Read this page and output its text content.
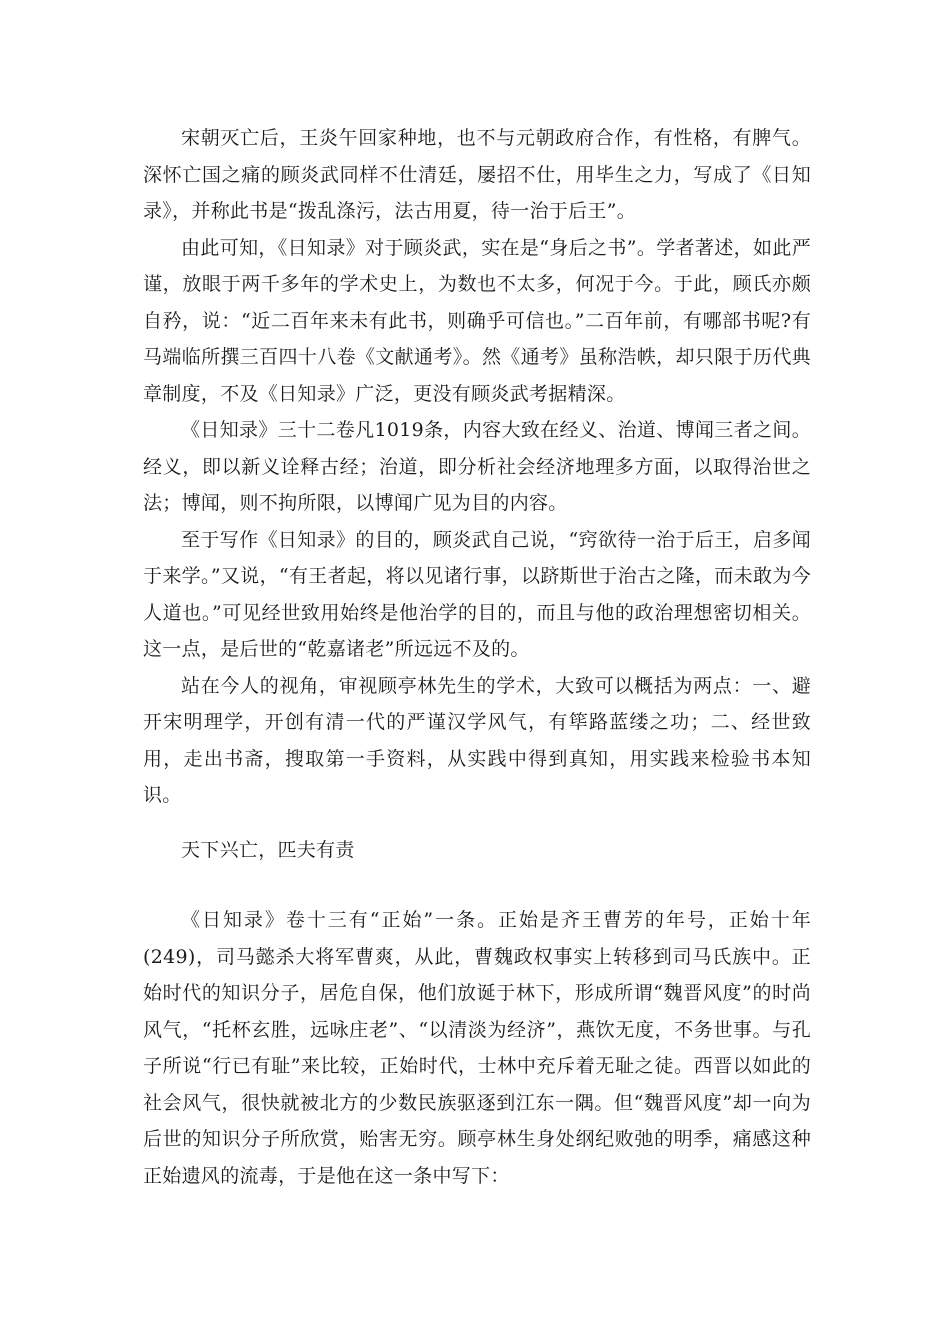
宋朝灭亡后，王炎午回家种地，也不与元朝政府合作，有性格，有脾气。深怀亡国之痛的顾炎武同样不仕清廷，屡招不仕，用毕生之力，写成了《日知录》，并称此书是“拨乱涤污，法古用夏，待一治于后王”。

由此可知，《日知录》对于顾炎武，实在是“身后之书”。学者著述，如此严谨，放眼于两千多年的学术史上，为数也不太多，何况于今。于此，顾氏亦颇自矜，说：“近二百年来未有此书，则确乎可信也。”二百年前，有哪部书呢?有马端临所撰三百四十八卷《文献通考》。然《通考》虽称浩帙，却只限于历代典章制度，不及《日知录》广泛，更没有顾炎武考据精深。

《日知录》三十二卷凡1019条，内容大致在经义、治道、博闻三者之间。经义，即以新义诠释古经；治道，即分析社会经济地理多方面，以取得治世之法；博闻，则不拘所限，以博闻广见为目的内容。

至于写作《日知录》的目的，顾炎武自己说，“窍欲待一治于后王，启多闻于来学。”又说，“有王者起，将以见诸行事，以跻斯世于治古之隆，而未敢为今人道也。”可见经世致用始终是他治学的目的，而且与他的政治理想密切相关。这一点，是后世的“乾嘉诸老”所远远不及的。

站在今人的视角，审视顾亭林先生的学术，大致可以概括为两点：一、避开宋明理学，开创有清一代的严谨汉学风气，有筚路蓝缕之功；二、经世致用，走出书斋，搜取第一手资料，从实践中得到真知，用实践来检验书本知识。

天下兴亡，匹夫有责

《日知录》卷十三有“正始”一条。正始是齐王曹芳的年号，正始十年(249)，司马懿杀大将军曹爽，从此，曹魏政权事实上转移到司马氏族中。正始时代的知识分子，居危自保，他们放诞于林下，形成所谓“魏晋风度”的时尚风气，“托杯玄胜，远咏庄老”、“以清淡为经济”，燕饮无度，不务世事。与孔子所说“行已有耻”来比较，正始时代，士林中充斥着无耻之徒。西晋以如此的社会风气，很快就被北方的少数民族驱逐到江东一隅。但“魏晋风度”却一向为后世的知识分子所欣赏，贻害无穷。顾亭林生身处纲纪败弛的明季，痛感这种正始遗风的流毒，于是他在这一条中写下：
